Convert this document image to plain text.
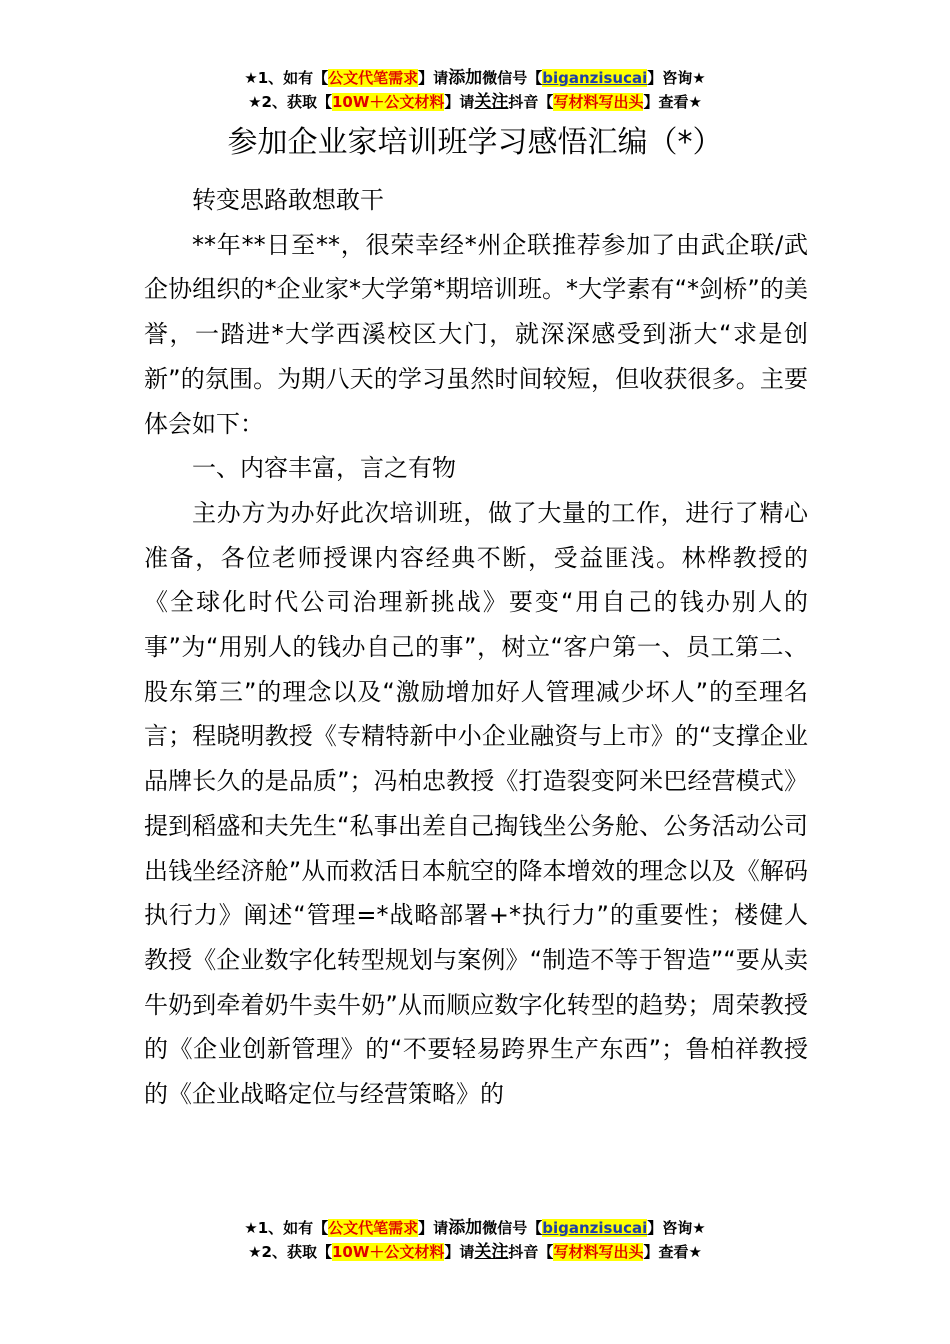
★1、如有【公文代笔需求】请添加微信号【biganzisucai】咨询★
★2、获取【10W＋公文材料】请关注抖音【写材料写出头】查看★
参加企业家培训班学习感悟汇编（*）

转变思路敢想敢干

**年**日至**，很荣幸经*州企联推荐参加了由武企联/武企协组织的*企业家*大学第*期培训班。*大学素有“*剑桥”的美誉，一踏进*大学西溪校区大门，就深深感受到浙大“求是创新”的氛围。为期八天的学习虽然时间较短，但收获很多。主要体会如下：

一、内容丰富，言之有物

主办方为办好此次培训班，做了大量的工作，进行了精心准备，各位老师授课内容经典不断，受益匪浅。林桦教授的《全球化时代公司治理新挑战》要变“用自己的钱办别人的事”为“用别人的钱办自己的事”，树立“客户第一、员工第二、股东第三”的理念以及“激励增加好人管理减少坏人”的至理名言；程晓明教授《专精特新中小企业融资与上市》的“支撑企业品牌长久的是品质”；冯柏忠教授《打造裂变阿米巴经营模式》提到稻盛和夫先生“私事出差自己掏钱坐公务舱、公务活动公司出钱坐经济舱”从而救活日本航空的降本增效的理念以及《解码执行力》阐述“管理=*战略部署+*执行力”的重要性；楼健人教授《企业数字化转型规划与案例》“制造不等于智造”“要从卖牛奶到牵着奶牛卖牛奶”从而顺应数字化转型的趋势；周荣教授的《企业创新管理》的“不要轻易跨界生产东西”；鲁柏祥教授的《企业战略定位与经营策略》的

★1、如有【公文代笔需求】请添加微信号【biganzisucai】咨询★
★2、获取【10W＋公文材料】请关注抖音【写材料写出头】查看★
